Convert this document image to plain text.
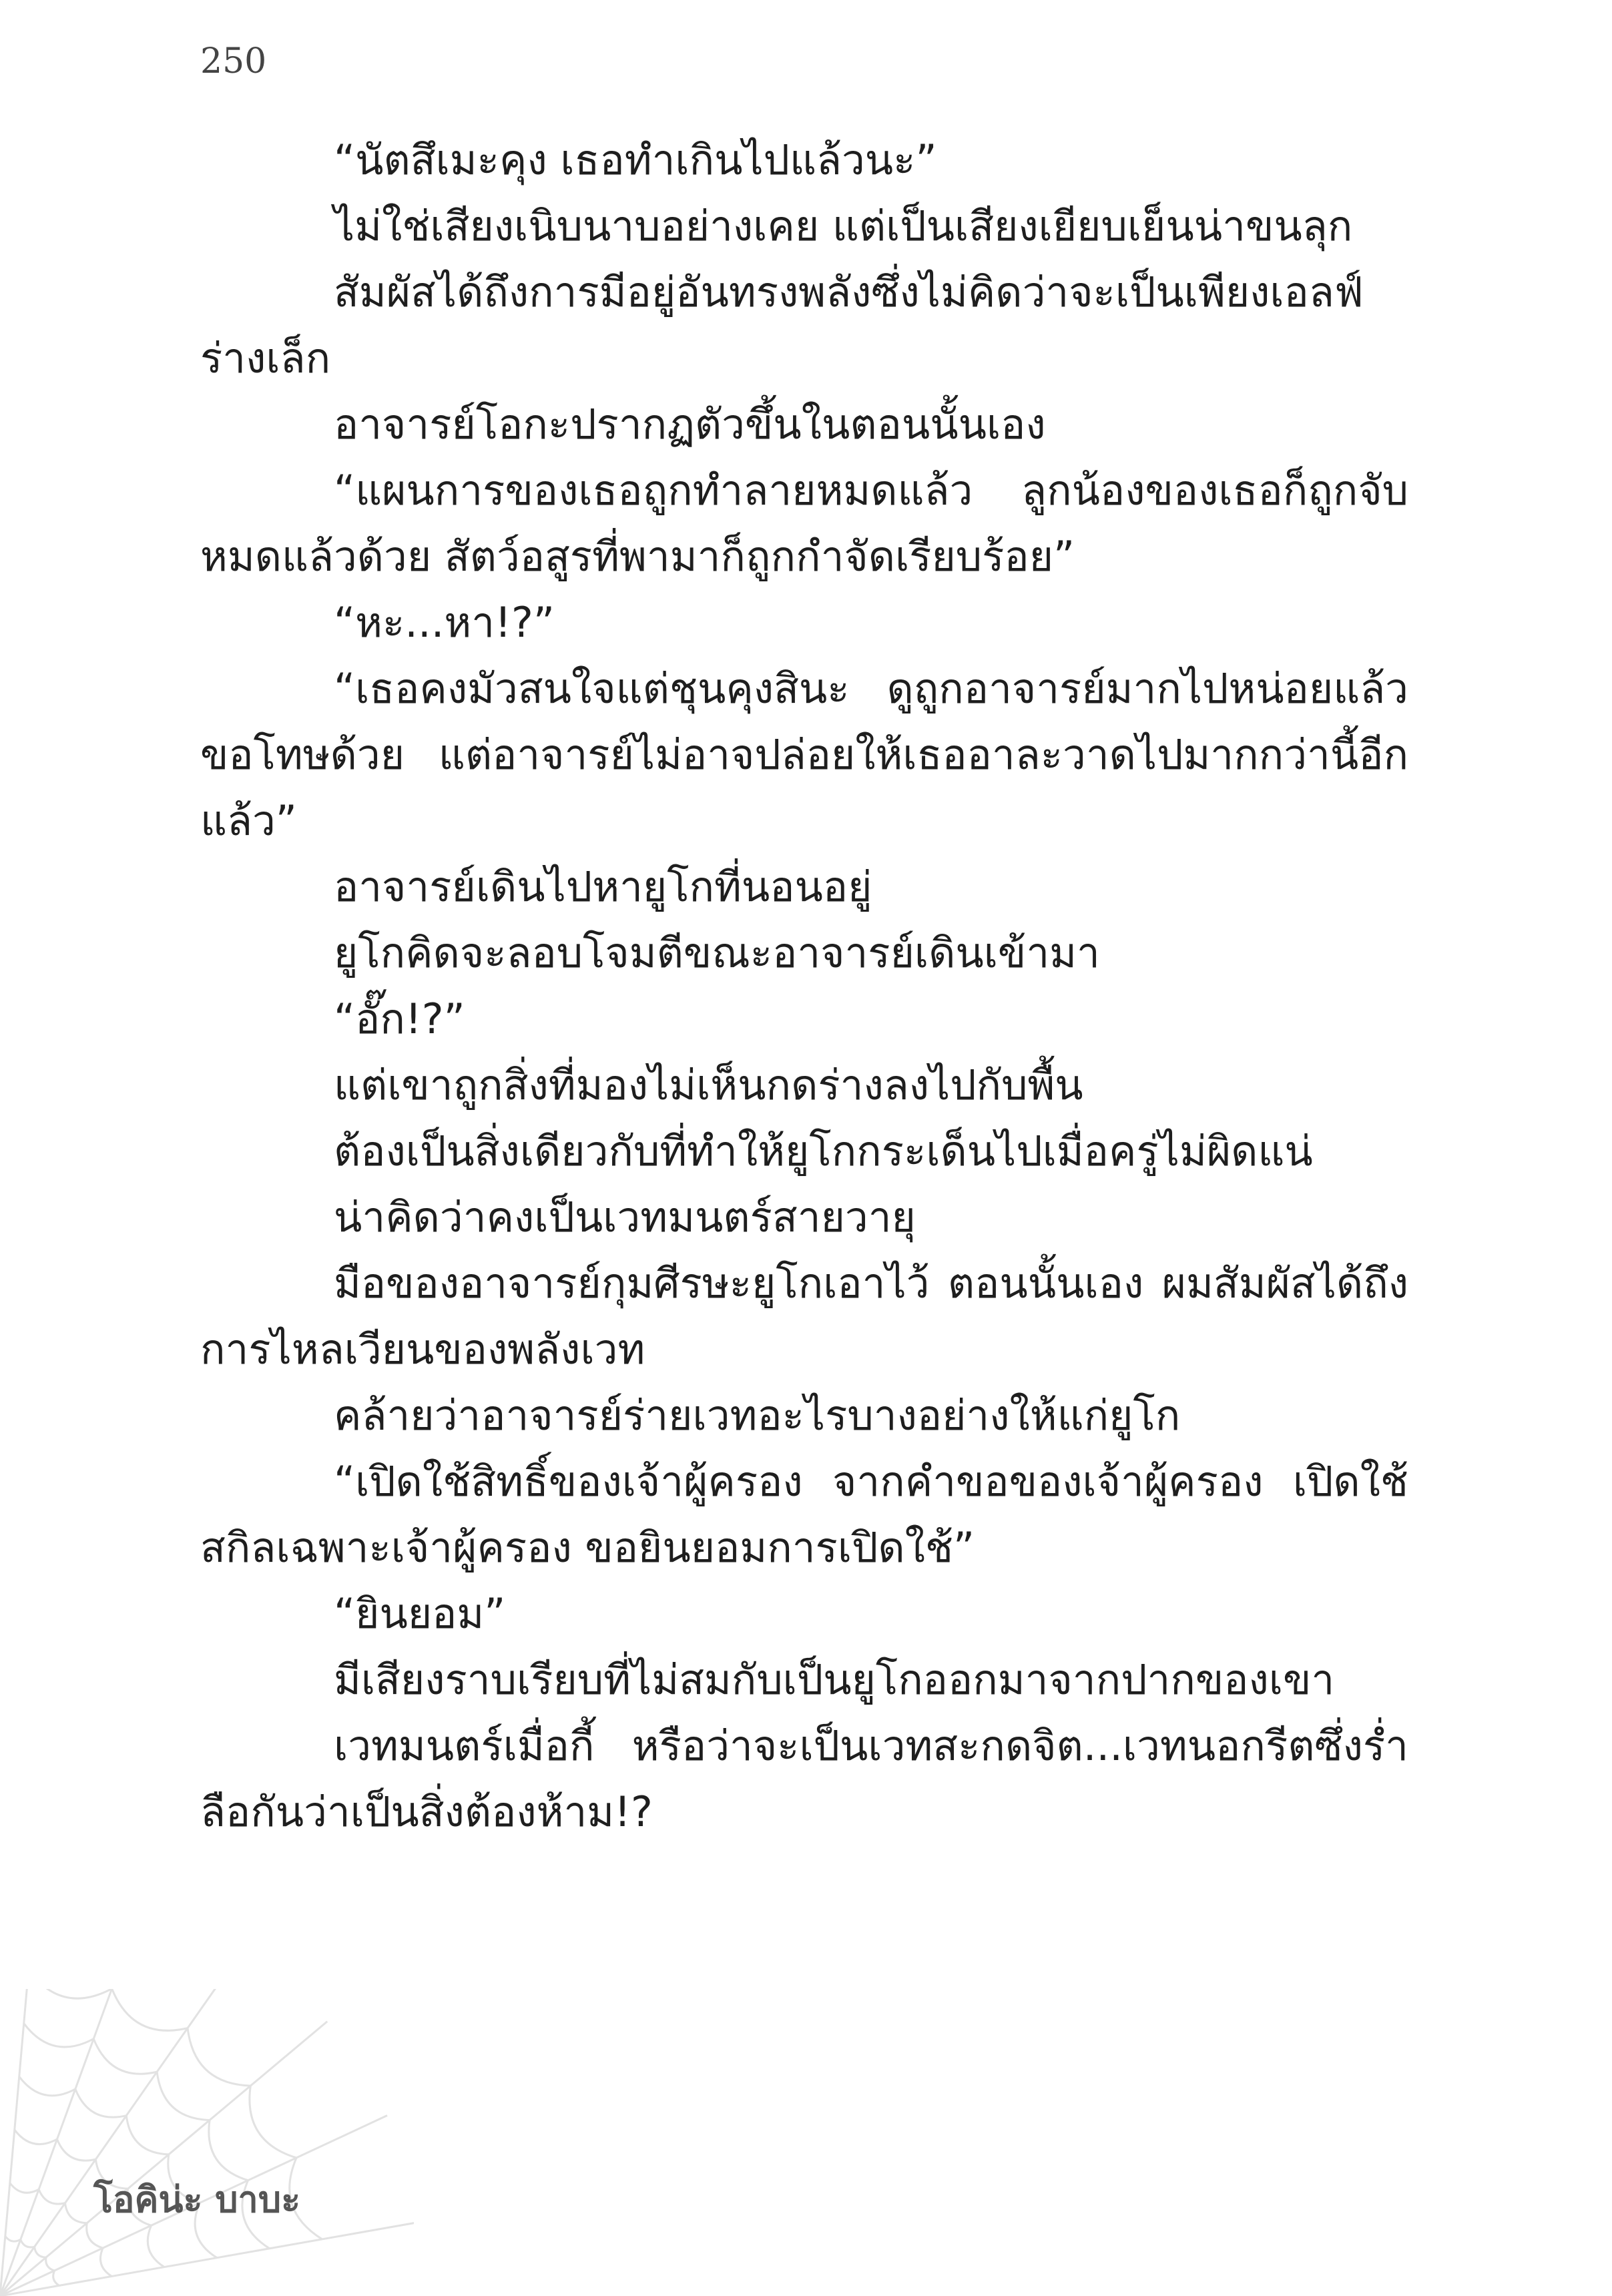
250

“นัตสึเมะคุง เธอทำเกินไปแล้วนะ”

ไม่ใช่เสียงเนิบนาบอย่างเคย แต่เป็นเสียงเยียบเย็นน่าขนลุก

สัมผัสได้ถึงการมีอยู่อันทรงพลังซึ่งไม่คิดว่าจะเป็นเพียงเอลฟ์ร่างเล็ก

อาจารย์โอกะปรากฏตัวขึ้นในตอนนั้นเอง

“แผนการของเธอถูกทำลายหมดแล้ว ลูกน้องของเธอก็ถูกจับหมดแล้วด้วย สัตว์อสูรที่พามาก็ถูกกำจัดเรียบร้อย”

“หะ...หา!?”

“เธอคงมัวสนใจแต่ชุนคุงสินะ ดูถูกอาจารย์มากไปหน่อยแล้วขอโทษด้วย แต่อาจารย์ไม่อาจปล่อยให้เธออาละวาดไปมากกว่านี้อีกแล้ว”

อาจารย์เดินไปหายูโกที่นอนอยู่

ยูโกคิดจะลอบโจมตีขณะอาจารย์เดินเข้ามา

“อั๊ก!?”

แต่เขาถูกสิ่งที่มองไม่เห็นกดร่างลงไปกับพื้น

ต้องเป็นสิ่งเดียวกับที่ทำให้ยูโกกระเด็นไปเมื่อครู่ไม่ผิดแน่

น่าคิดว่าคงเป็นเวทมนตร์สายวายุ

มือของอาจารย์กุมศีรษะยูโกเอาไว้ ตอนนั้นเอง ผมสัมผัสได้ถึงการไหลเวียนของพลังเวท

คล้ายว่าอาจารย์ร่ายเวทอะไรบางอย่างให้แก่ยูโก

“เปิดใช้สิทธิ์ของเจ้าผู้ครอง จากคำขอของเจ้าผู้ครอง เปิดใช้สกิลเฉพาะเจ้าผู้ครอง ขอยินยอมการเปิดใช้”

“ยินยอม”

มีเสียงราบเรียบที่ไม่สมกับเป็นยูโกออกมาจากปากของเขา

เวทมนตร์เมื่อกี้ หรือว่าจะเป็นเวทสะกดจิต...เวทนอกรีตซึ่งร่ำลือกันว่าเป็นสิ่งต้องห้าม!?

โอคิน่ะ บาบะ
